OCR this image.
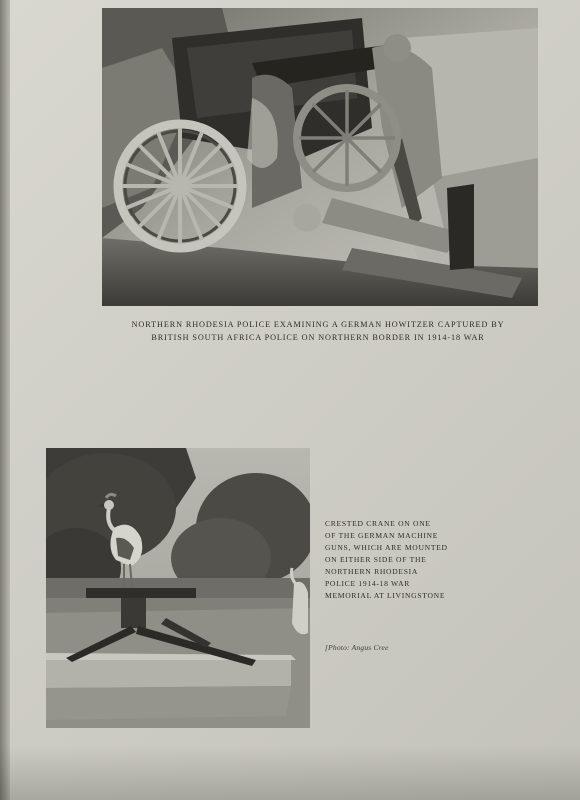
NORTHERN RHODESIA POLICE EXAMINING A GERMAN HOWITZER CAPTURED BY
BRITISH SOUTH AFRICA POLICE ON NORTHERN BORDER IN 1914-18 WAR
CRESTED CRANE ON ONE
OF THE GERMAN MACHINE
GUNS, WHICH ARE MOUNTED
ON EITHER SIDE OF THE
NORTHERN RHODESIA
POLICE 1914-18 WAR
MEMORIAL AT LIVINGSTONE
[Photo: Angus Cree
